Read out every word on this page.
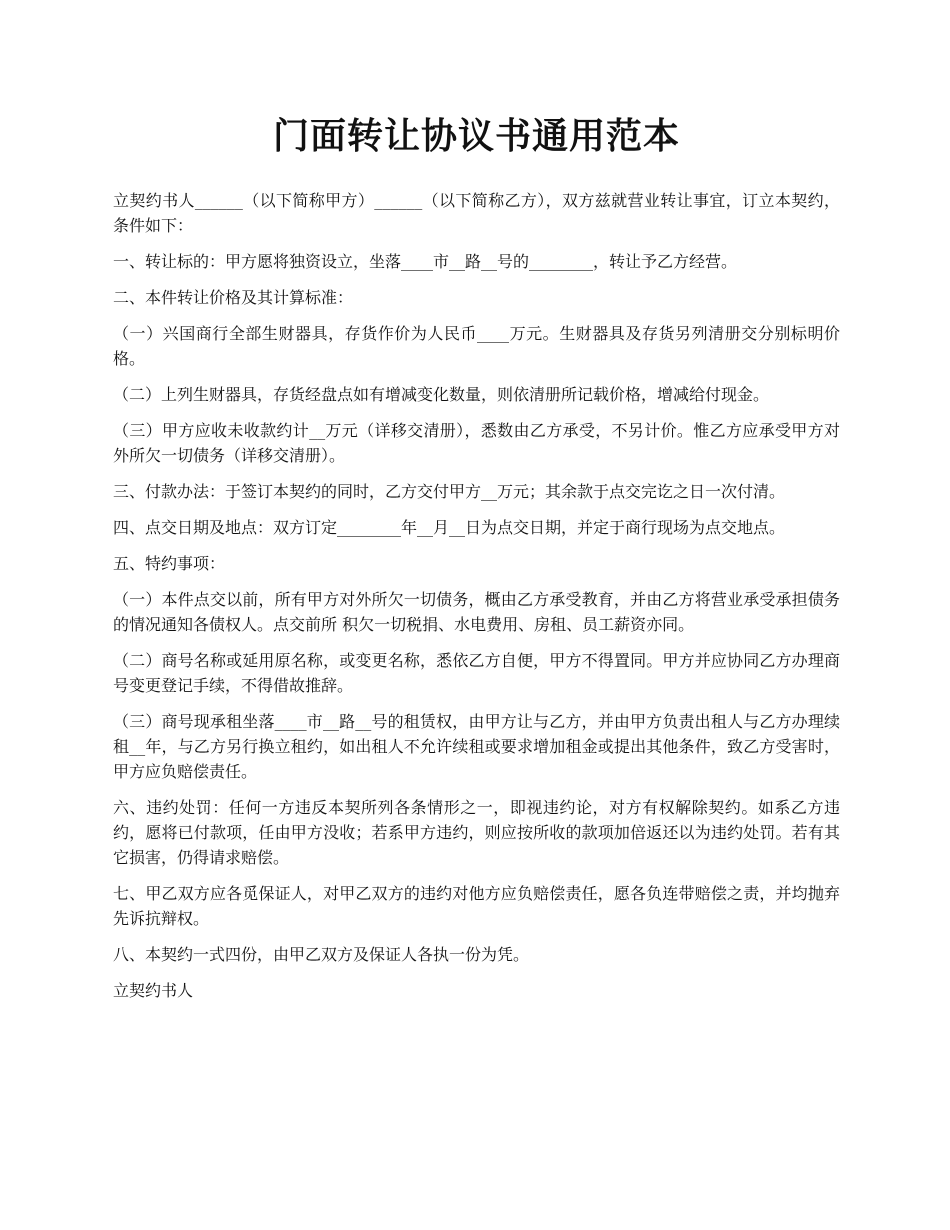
门面转让协议书通用范本

立契约书人______（以下简称甲方）______（以下简称乙方），双方兹就营业转让事宜，订立本契约，条件如下：

一、转让标的：甲方愿将独资设立，坐落____市__路__号的________，转让予乙方经营。

二、本件转让价格及其计算标准：

（一）兴国商行全部生财器具，存货作价为人民币____万元。生财器具及存货另列清册交分别标明价格。

（二）上列生财器具，存货经盘点如有增减变化数量，则依清册所记载价格，增减给付现金。

（三）甲方应收未收款约计__万元（详移交清册），悉数由乙方承受，不另计价。惟乙方应承受甲方对外所欠一切债务（详移交清册）。

三、付款办法：于签订本契约的同时，乙方交付甲方__万元；其余款于点交完讫之日一次付清。

四、点交日期及地点：双方订定________年__月__日为点交日期，并定于商行现场为点交地点。

五、特约事项：

（一）本件点交以前，所有甲方对外所欠一切债务，概由乙方承受教育，并由乙方将营业承受承担债务的情况通知各债权人。点交前所 积欠一切税捐、水电费用、房租、员工薪资亦同。

（二）商号名称或延用原名称，或变更名称，悉依乙方自便，甲方不得置同。甲方并应协同乙方办理商号变更登记手续，不得借故推辞。

（三）商号现承租坐落____市__路__号的租赁权，由甲方让与乙方，并由甲方负责出租人与乙方办理续租__年，与乙方另行换立租约，如出租人不允许续租或要求增加租金或提出其他条件，致乙方受害时，甲方应负赔偿责任。

六、违约处罚：任何一方违反本契所列各条情形之一，即视违约论，对方有权解除契约。如系乙方违约，愿将已付款项，任由甲方没收；若系甲方违约，则应按所收的款项加倍返还以为违约处罚。若有其它损害，仍得请求赔偿。

七、甲乙双方应各觅保证人，对甲乙双方的违约对他方应负赔偿责任，愿各负连带赔偿之责，并均抛弃先诉抗辩权。

八、本契约一式四份，由甲乙双方及保证人各执一份为凭。

立契约书人
